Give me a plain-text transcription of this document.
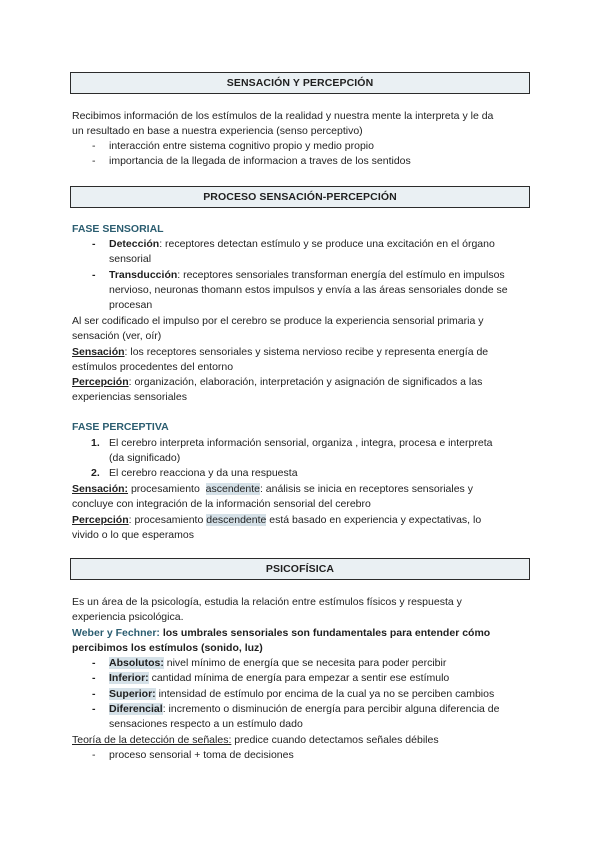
SENSACIÓN Y PERCEPCIÓN
Recibimos información de los estímulos de la realidad y nuestra mente la interpreta y le da
un resultado en base a nuestra experiencia (senso perceptivo)
- interacción entre sistema cognitivo propio y medio propio
- importancia de la llegada de informacion a traves de los sentidos
PROCESO SENSACIÓN-PERCEPCIÓN
FASE SENSORIAL
- Detección: receptores detectan estímulo y se produce una excitación en el órgano
sensorial
- Transducción: receptores sensoriales transforman energía del estímulo en impulsos
nervioso, neuronas thomann estos impulsos y envía a las áreas sensoriales donde se
procesan
Al ser codificado el impulso por el cerebro se produce la experiencia sensorial primaria y
sensación (ver, oír)
Sensación: los receptores sensoriales y sistema nervioso recibe y representa energía de
estímulos procedentes del entorno
Percepción: organización, elaboración, interpretación y asignación de significados a las
experiencias sensoriales
FASE PERCEPTIVA
1. El cerebro interpreta información sensorial, organiza , integra, procesa e interpreta
(da significado)
2. El cerebro reacciona y da una respuesta
Sensación: procesamiento  ascendente: análisis se inicia en receptores sensoriales y
concluye con integración de la información sensorial del cerebro
Percepción: procesamiento descendente está basado en experiencia y expectativas, lo
vivido o lo que esperamos
PSICOFÍSICA
Es un área de la psicología, estudia la relación entre estímulos físicos y respuesta y
experiencia psicológica.
Weber y Fechner: los umbrales sensoriales son fundamentales para entender cómo
percibimos los estímulos (sonido, luz)
- Absolutos: nivel mínimo de energía que se necesita para poder percibir
- Inferior: cantidad mínima de energía para empezar a sentir ese estímulo
- Superior: intensidad de estímulo por encima de la cual ya no se perciben cambios
- Diferencial: incremento o disminución de energía para percibir alguna diferencia de
sensaciones respecto a un estímulo dado
Teoría de la detección de señales: predice cuando detectamos señales débiles
- proceso sensorial + toma de decisiones
